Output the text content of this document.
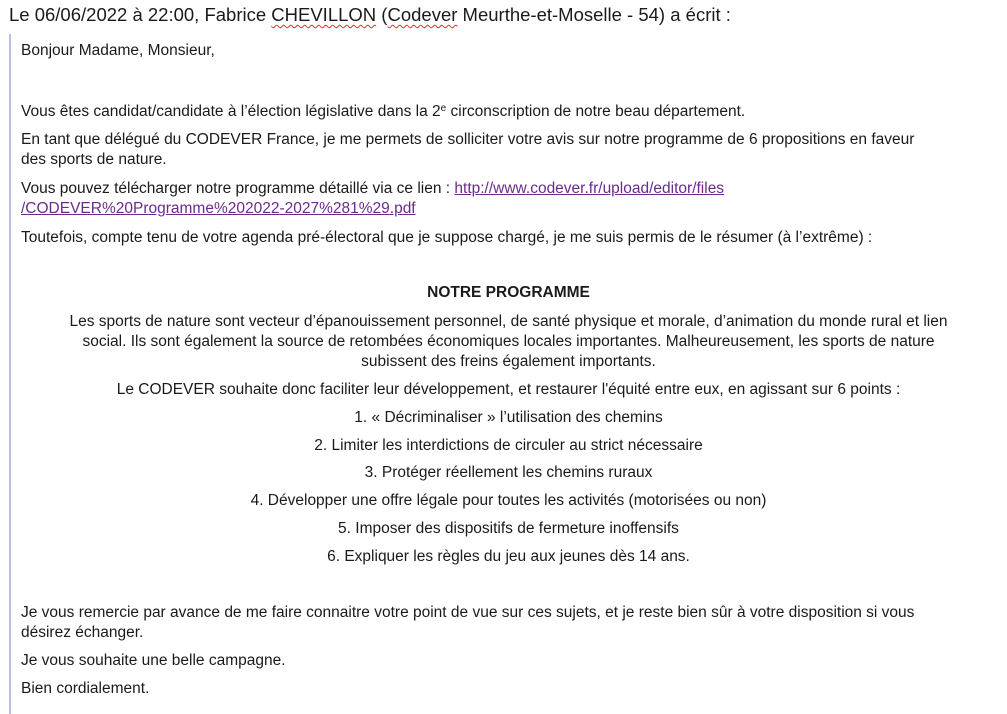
Le 06/06/2022 à 22:00, Fabrice CHEVILLON (Codever Meurthe-et-Moselle - 54) a écrit :
Bonjour Madame, Monsieur,
Vous êtes candidat/candidate à l’élection législative dans la 2e circonscription de notre beau département.
En tant que délégué du CODEVER France, je me permets de solliciter votre avis sur notre programme de 6 propositions en faveur
des sports de nature.
Vous pouvez télécharger notre programme détaillé via ce lien : http://www.codever.fr/upload/editor/files
/CODEVER%20Programme%202022-2027%281%29.pdf
Toutefois, compte tenu de votre agenda pré-électoral que je suppose chargé, je me suis permis de le résumer (à l’extrême) :
NOTRE PROGRAMME
Les sports de nature sont vecteur d’épanouissement personnel, de santé physique et morale, d’animation du monde rural et lien
social. Ils sont également la source de retombées économiques locales importantes. Malheureusement, les sports de nature
subissent des freins également importants.
Le CODEVER souhaite donc faciliter leur développement, et restaurer l'équité entre eux, en agissant sur 6 points :
1. « Décriminaliser » l’utilisation des chemins
2. Limiter les interdictions de circuler au strict nécessaire
3. Protéger réellement les chemins ruraux
4. Développer une offre légale pour toutes les activités (motorisées ou non)
5. Imposer des dispositifs de fermeture inoffensifs
6. Expliquer les règles du jeu aux jeunes dès 14 ans.
Je vous remercie par avance de me faire connaitre votre point de vue sur ces sujets, et je reste bien sûr à votre disposition si vous
désirez échanger.
Je vous souhaite une belle campagne.
Bien cordialement.
